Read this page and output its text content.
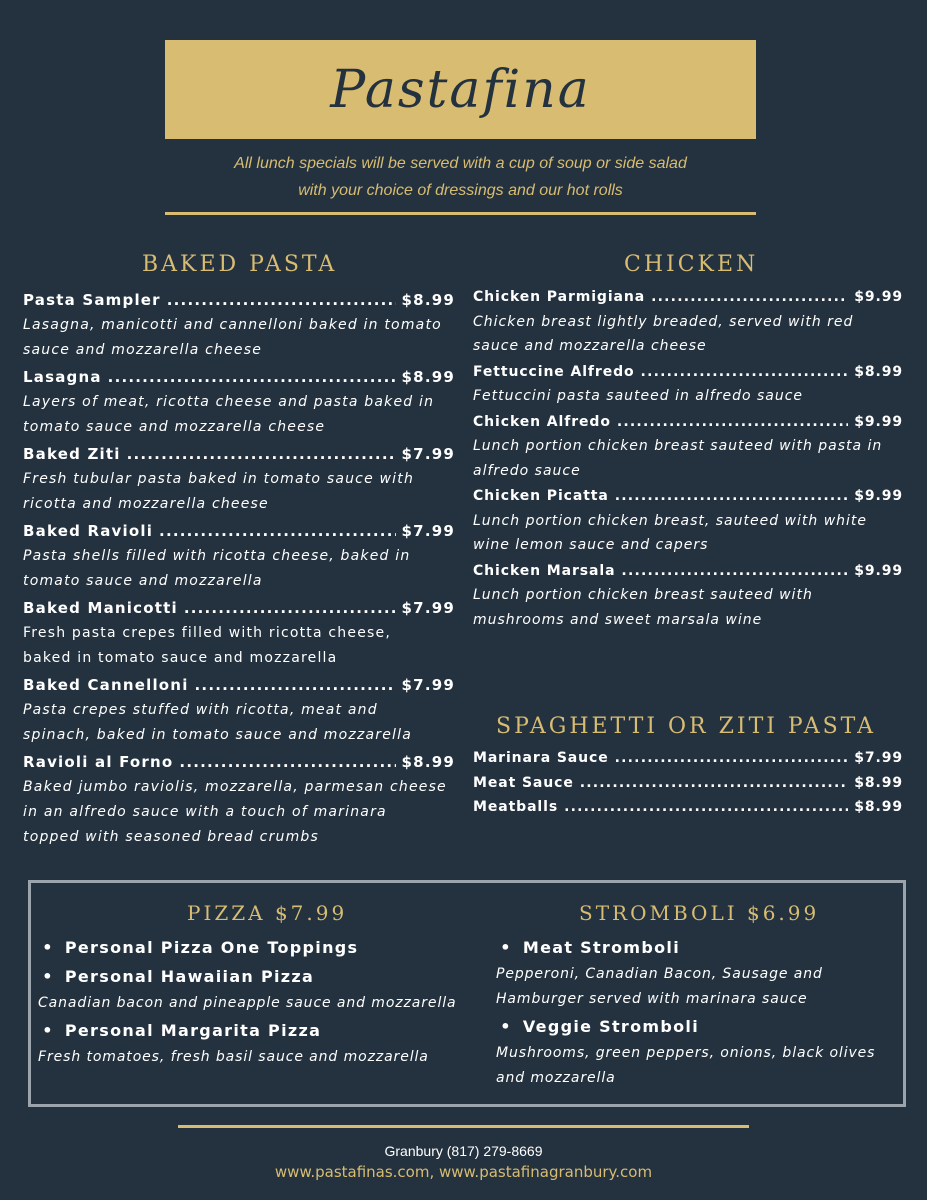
Pastafina
All lunch specials will be served with a cup of soup or side salad
with your choice of dressings and our hot rolls
BAKED PASTA
Pasta Sampler .....	$8.99
Lasagna, manicotti and cannelloni baked in tomato
sauce and mozzarella cheese
Lasagna .....	$8.99
Layers of meat, ricotta cheese and pasta baked in
tomato sauce and mozzarella cheese
Baked Ziti .....	$7.99
Fresh tubular pasta baked in tomato sauce with
ricotta and mozzarella cheese
Baked Ravioli .....	$7.99
Pasta shells filled with ricotta cheese, baked in
tomato sauce and mozzarella
Baked Manicotti .....	$7.99
Fresh pasta crepes filled with ricotta cheese,
baked in tomato sauce and mozzarella
Baked Cannelloni .....	$7.99
Pasta crepes stuffed with ricotta, meat and
spinach, baked in tomato sauce and mozzarella
Ravioli al Forno .....	$8.99
Baked jumbo raviolis, mozzarella, parmesan cheese
in an alfredo sauce with a touch of marinara
topped with seasoned bread crumbs
CHICKEN
Chicken Parmigiana .....	$9.99
Chicken breast lightly breaded, served with red
sauce and mozzarella cheese
Fettuccine Alfredo .....	$8.99
Fettuccini pasta sauteed in alfredo sauce
Chicken Alfredo .....	$9.99
Lunch portion chicken breast sauteed with pasta in
alfredo sauce
Chicken Picatta .....	$9.99
Lunch portion chicken breast, sauteed with white
wine lemon sauce and capers
Chicken Marsala .....	$9.99
Lunch portion chicken breast sauteed with
mushrooms and sweet marsala wine
SPAGHETTI OR ZITI PASTA
Marinara Sauce .....	$7.99
Meat Sauce .....	$8.99
Meatballs .....	$8.99
PIZZA $7.99
• Personal Pizza One Toppings
• Personal Hawaiian Pizza
Canadian bacon and pineapple sauce and mozzarella
• Personal Margarita Pizza
Fresh tomatoes, fresh basil sauce and mozzarella
STROMBOLI $6.99
• Meat Stromboli
Pepperoni, Canadian Bacon, Sausage and
Hamburger served with marinara sauce
• Veggie Stromboli
Mushrooms, green peppers, onions, black olives
and mozzarella
Granbury (817) 279-8669
www.pastafinas.com, www.pastafinagranbury.com
